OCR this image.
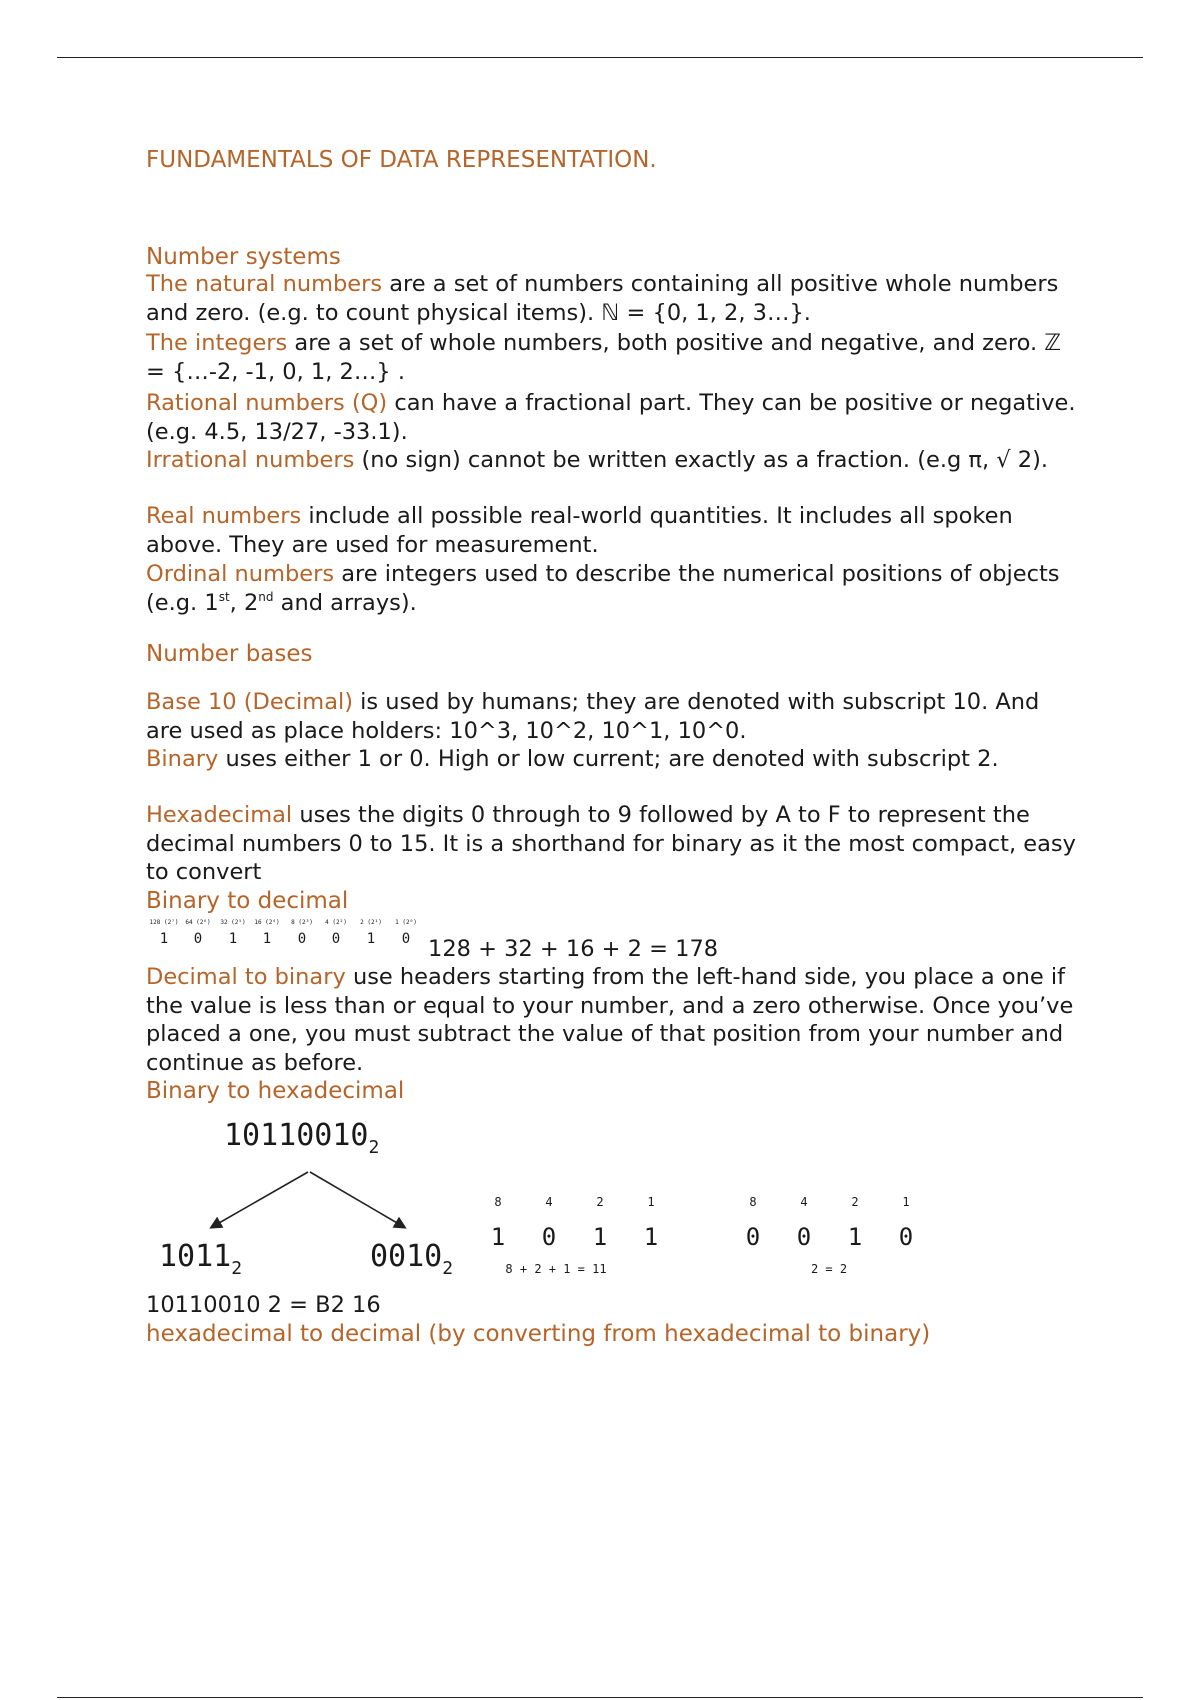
FUNDAMENTALS OF DATA REPRESENTATION.
Number systems
The natural numbers are a set of numbers containing all positive whole numbers and zero. (e.g. to count physical items). ℕ = {0, 1, 2, 3…}.
The integers are a set of whole numbers, both positive and negative, and zero. ℤ = {…-2, -1, 0, 1, 2…} .
Rational numbers (Q) can have a fractional part. They can be positive or negative. (e.g. 4.5, 13/27, -33.1).
Irrational numbers (no sign) cannot be written exactly as a fraction. (e.g π, √ 2).
Real numbers include all possible real-world quantities. It includes all spoken above. They are used for measurement.
Ordinal numbers are integers used to describe the numerical positions of objects (e.g. 1st, 2nd and arrays).
Number bases
Base 10 (Decimal) is used by humans; they are denoted with subscript 10. And are used as place holders: 10^3, 10^2, 10^1, 10^0.
Binary uses either 1 or 0. High or low current; are denoted with subscript 2.
Hexadecimal uses the digits 0 through to 9 followed by A to F to represent the decimal numbers 0 to 15. It is a shorthand for binary as it the most compact, easy to convert
Binary to decimal
128 (2⁷) 64 (2⁶) 32 (2⁵) 16 (2⁴) 8 (2³) 4 (2²) 2 (2¹) 1 (2⁰)
1 0 1 1 0 0 1 0 128 + 32 + 16 + 2 = 178
Decimal to binary use headers starting from the left-hand side, you place a one if the value is less than or equal to your number, and a zero otherwise. Once you’ve placed a one, you must subtract the value of that position from your number and continue as before.
Binary to hexadecimal
$10110010_2$
$1011_2$	$0010_2$
8	4	2	1
1 0 1 1
8 + 2 + 1 = 11
8	4	2	1
0 0 1 0
2 = 2
10110010 2 = B2 16
hexadecimal to decimal (by converting from hexadecimal to binary)
